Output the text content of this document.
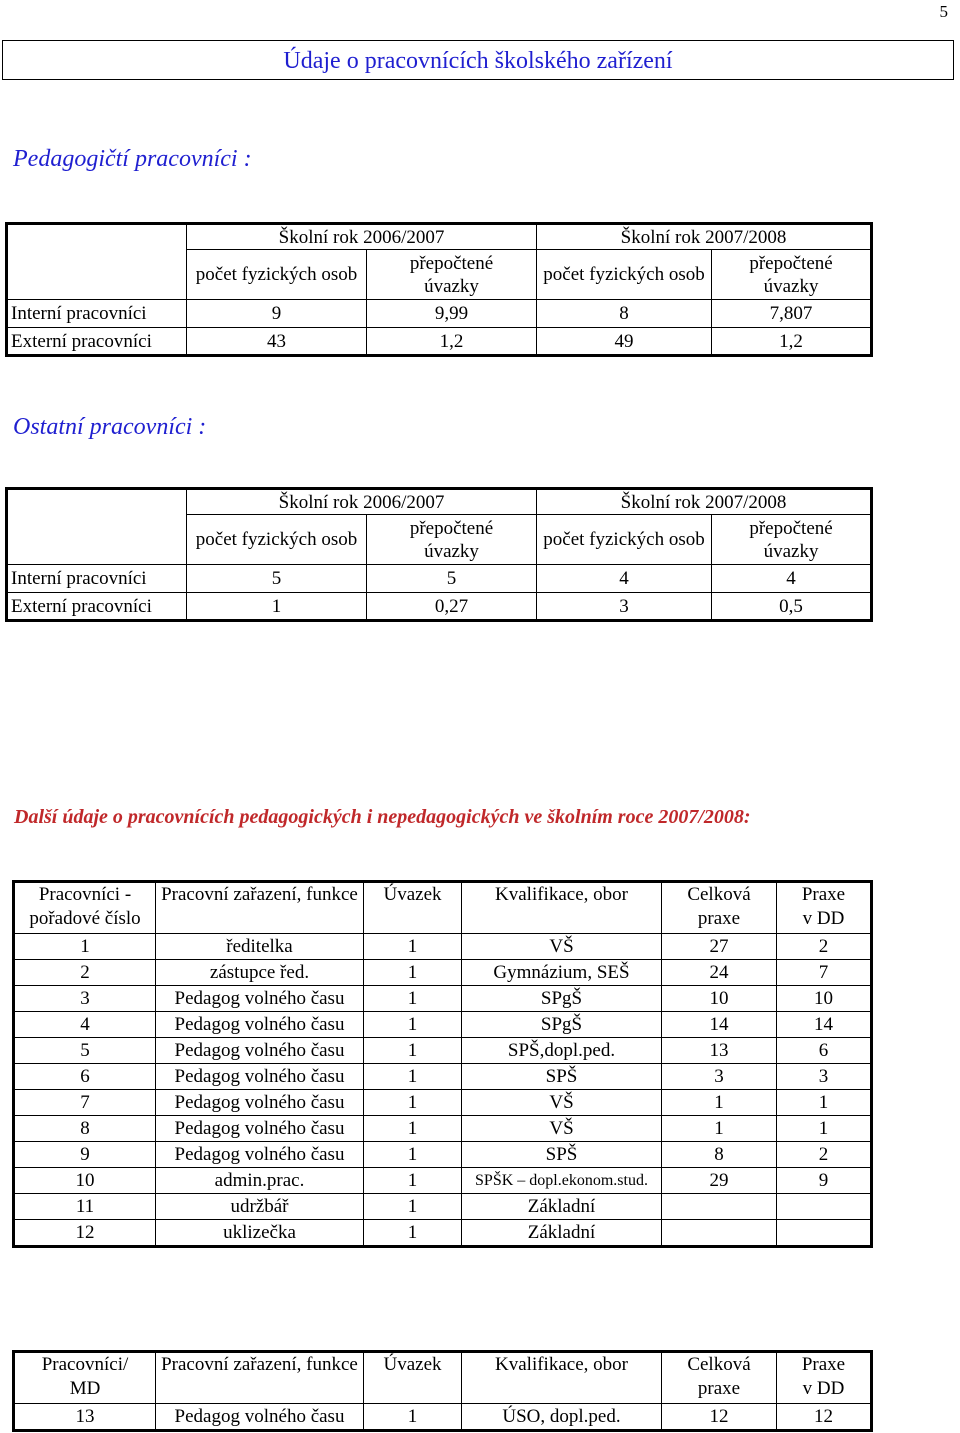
5
Údaje o pracovnících školského zařízení
Pedagogičtí pracovníci :
	Školní rok 2006/2007		Školní rok 2007/2008	
	počet fyzických osob	přepočtené úvazky	počet fyzických osob	přepočtené úvazky
Interní pracovníci	9	9,99	8	7,807
Externí pracovníci	43	1,2	49	1,2
Ostatní pracovníci :
	Školní rok 2006/2007		Školní rok 2007/2008	
	počet fyzických osob	přepočtené úvazky	počet fyzických osob	přepočtené úvazky
Interní pracovníci	5	5	4	4
Externí pracovníci	1	0,27	3	0,5
Další údaje o pracovnících pedagogických i nepedagogických ve školním roce 2007/2008:
Pracovníci - pořadové číslo	Pracovní zařazení, funkce	Úvazek	Kvalifikace, obor	Celková praxe	Praxe v DD
1	ředitelka	1	VŠ	27	2
2	zástupce řed.	1	Gymnázium, SEŠ	24	7
3	Pedagog volného času	1	SPgŠ	10	10
4	Pedagog volného času	1	SPgŠ	14	14
5	Pedagog volného času	1	SPŠ,dopl.ped.	13	6
6	Pedagog volného času	1	SPŠ	3	3
7	Pedagog volného času	1	VŠ	1	1
8	Pedagog volného času	1	VŠ	1	1
9	Pedagog volného času	1	SPŠ	8	2
10	admin.prac.	1	SPŠK – dopl.ekonom.stud.	29	9
11	udržbář	1	Základní		
12	uklizečka	1	Základní		
Pracovníci/ MD	Pracovní zařazení, funkce	Úvazek	Kvalifikace, obor	Celková praxe	Praxe v DD
13	Pedagog volného času	1	ÚSO, dopl.ped.	12	12
